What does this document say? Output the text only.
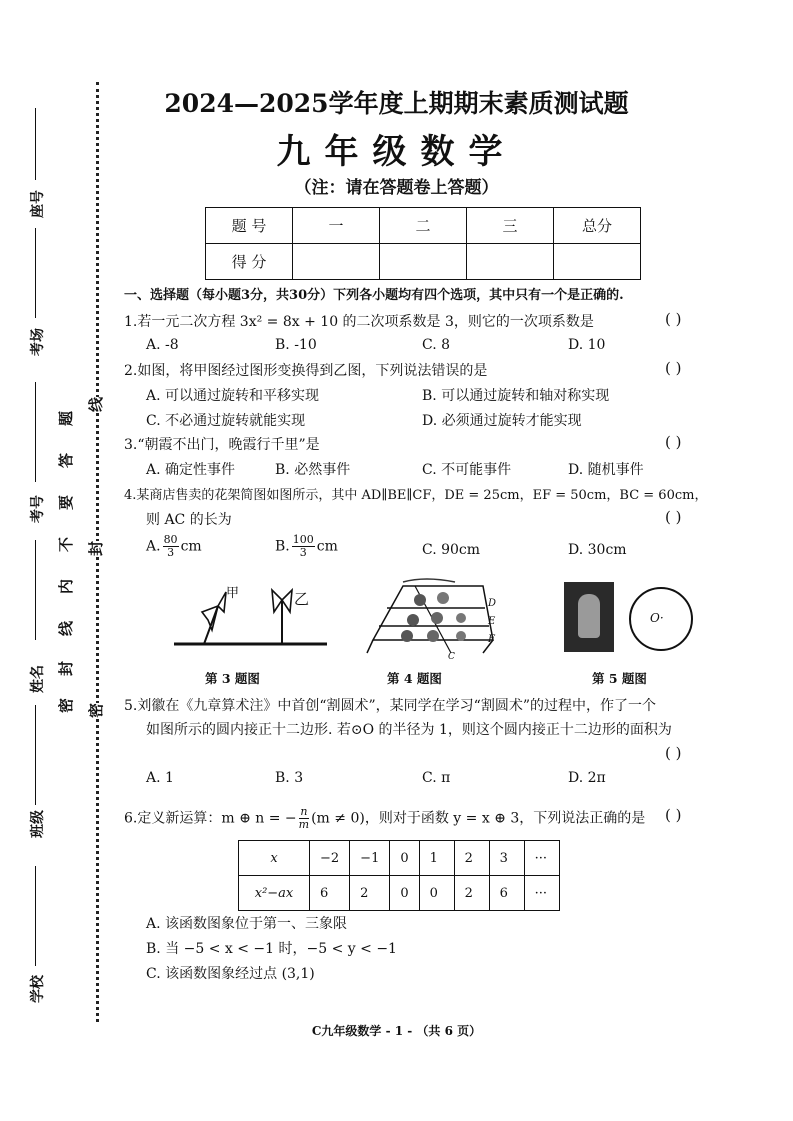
座号
考场
考号
姓名
班级
学校
题
答
要
不
内
线
封
密
线
封
密
2024—2025学年度上期期末素质测试题
九年级数学
（注：请在答题卷上答题）
题 号	一	二	三	总分
得 分				
一、选择题（每小题3分，共30分）下列各小题均有四个选项，其中只有一个是正确的.
1.若一元二次方程 3x² = 8x + 10 的二次项系数是 3，则它的一次项系数是	( )
A. -8	B. -10	C. 8	D. 10
2.如图，将甲图经过图形变换得到乙图，下列说法错误的是	( )
A. 可以通过旋转和平移实现	B. 可以通过旋转和轴对称实现
C. 不必通过旋转就能实现	D. 必须通过旋转才能实现
3.“朝霞不出门，晚霞行千里”是	( )
A. 确定性事件	B. 必然事件	C. 不可能事件	D. 随机事件
4.某商店售卖的花架简图如图所示，其中 AD∥BE∥CF，DE = 25cm，EF = 50cm，BC = 60cm，
则 AC 的长为	( )
A. $\frac{80}{3}$ cm	B. $\frac{100}{3}$ cm	C. 90cm	D. 30cm
甲	乙
第 3 题图
D
E
F
C
第 4 题图
O·
第 5 题图
5.刘徽在《九章算术注》中首创“割圆术”，某同学在学习“割圆术”的过程中，作了一个
如图所示的圆内接正十二边形. 若⊙O 的半径为 1，则这个圆内接正十二边形的面积为
( )
A. 1	B. 3	C. π	D. 2π
6.定义新运算：m ⊕ n = − $\frac{n}{m} (m \ne 0)$，则对于函数 y = x ⊕ 3，下列说法正确的是 ( )
x	−2	−1	0	1	2	3	···
x²−ax	6	2	0	0	2	6	···
A. 该函数图象位于第一、三象限
B. 当 −5 < x < −1 时，−5 < y < −1
C. 该函数图象经过点 (3,1)
C九年级数学 - 1 - （共 6 页）
